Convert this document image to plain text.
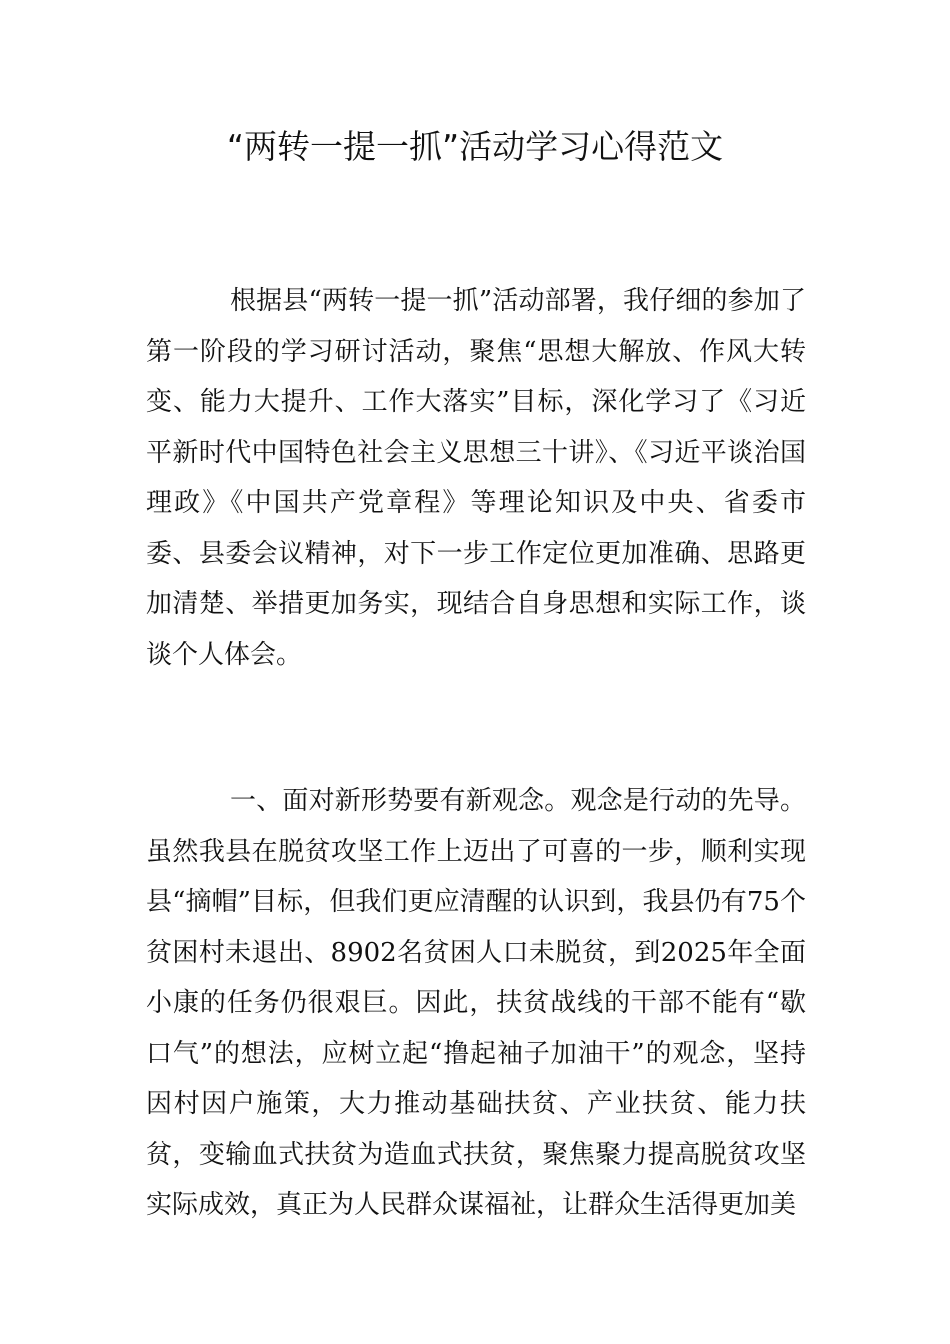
“两转一提一抓”活动学习心得范文

根据县“两转一提一抓”活动部署，我仔细的参加了第一阶段的学习研讨活动，聚焦“思想大解放、作风大转变、能力大提升、工作大落实”目标，深化学习了《习近平新时代中国特色社会主义思想三十讲》、《习近平谈治国理政》《中国共产党章程》等理论知识及中央、省委市委、县委会议精神，对下一步工作定位更加准确、思路更加清楚、举措更加务实，现结合自身思想和实际工作，谈谈个人体会。

一、面对新形势要有新观念。观念是行动的先导。虽然我县在脱贫攻坚工作上迈出了可喜的一步，顺利实现县“摘帽”目标，但我们更应清醒的认识到，我县仍有75个贫困村未退出、8902名贫困人口未脱贫，到2025年全面小康的任务仍很艰巨。因此，扶贫战线的干部不能有“歇口气”的想法，应树立起“撸起袖子加油干”的观念，坚持因村因户施策，大力推动基础扶贫、产业扶贫、能力扶贫，变输血式扶贫为造血式扶贫，聚焦聚力提高脱贫攻坚实际成效，真正为人民群众谋福祉，让群众生活得更加美
